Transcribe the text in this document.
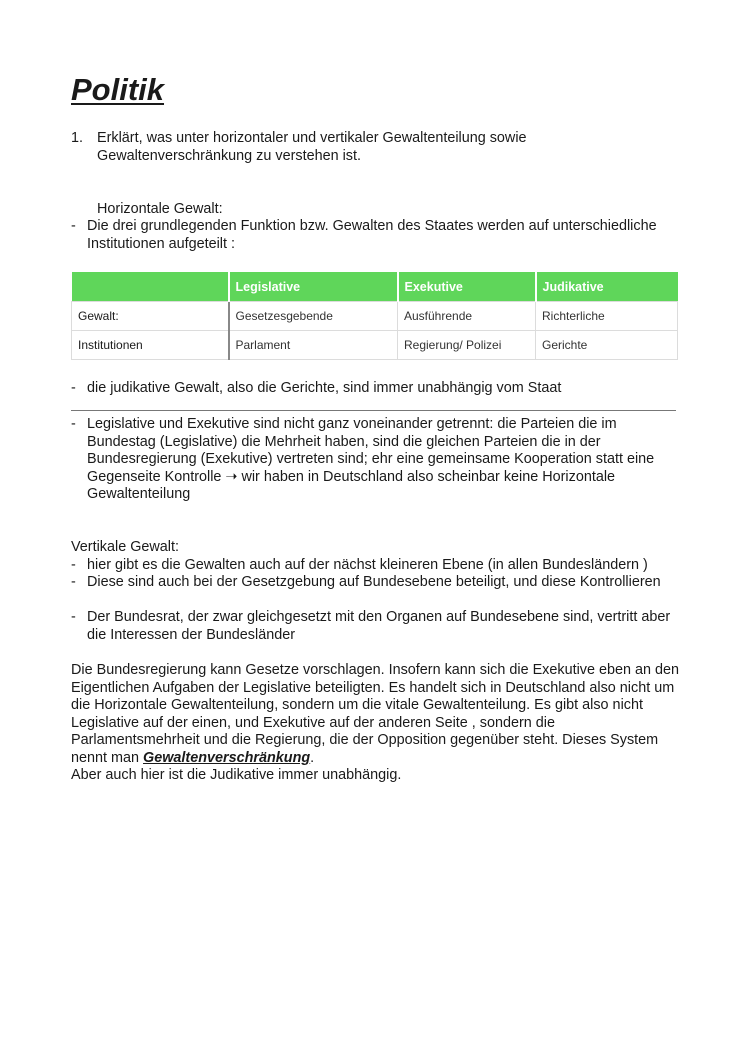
Politik
1. Erklärt, was unter horizontaler und vertikaler Gewaltenteilung sowie Gewaltenverschränkung zu verstehen ist.
Horizontale Gewalt:
- Die drei grundlegenden Funktion bzw. Gewalten des Staates werden auf unterschiedliche Institutionen aufgeteilt :
	Legislative	Exekutive	Judikative
Gewalt:	Gesetzesgebende	Ausführende	Richterliche
Institutionen	Parlament	Regierung/ Polizei	Gerichte
- die judikative Gewalt, also die Gerichte, sind immer unabhängig vom Staat
- Legislative und Exekutive sind nicht ganz voneinander getrennt: die Parteien die im Bundestag (Legislative) die Mehrheit haben, sind die gleichen Parteien die in der Bundesregierung (Exekutive) vertreten sind; ehr eine gemeinsame Kooperation statt eine Gegenseite Kontrolle ➝ wir haben in Deutschland also scheinbar keine Horizontale Gewaltenteilung
Vertikale Gewalt:
- hier gibt es die Gewalten auch auf der nächst kleineren Ebene (in allen Bundesländern )
- Diese sind auch bei der Gesetzgebung auf Bundesebene beteiligt, und diese Kontrollieren
- Der Bundesrat, der zwar gleichgesetzt mit den Organen auf Bundesebene sind, vertritt aber die Interessen der Bundesländer
Die Bundesregierung kann Gesetze vorschlagen. Insofern kann sich die Exekutive eben an den Eigentlichen Aufgaben der Legislative beteiligten. Es handelt sich in Deutschland also nicht um die Horizontale Gewaltenteilung, sondern um die vitale Gewaltenteilung. Es gibt also nicht Legislative auf der einen, und Exekutive auf der anderen Seite , sondern die Parlamentsmehrheit und die Regierung, die der Opposition gegenüber steht. Dieses System nennt man Gewaltenverschränkung.
Aber auch hier ist die Judikative immer unabhängig.
